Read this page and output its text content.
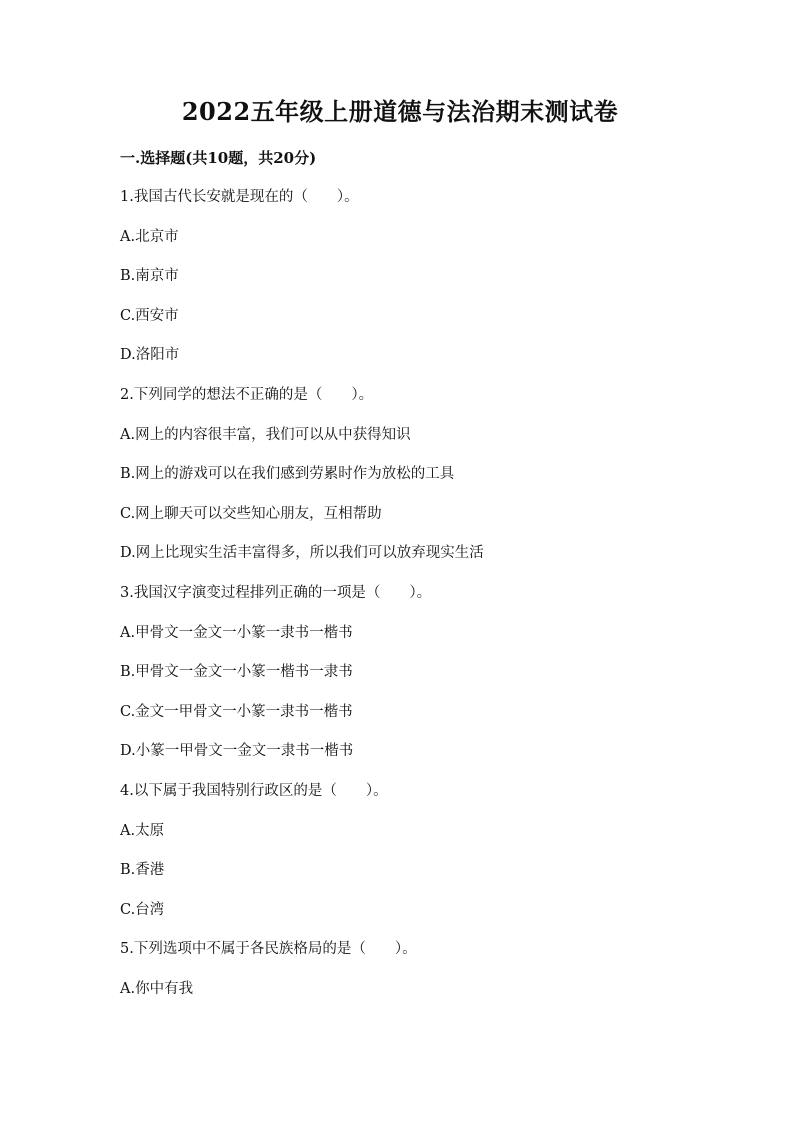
2022五年级上册道德与法治期末测试卷
一.选择题(共10题，共20分)
1.我国古代长安就是现在的（　　）。
A.北京市
B.南京市
C.西安市
D.洛阳市
2.下列同学的想法不正确的是（　　）。
A.网上的内容很丰富，我们可以从中获得知识
B.网上的游戏可以在我们感到劳累时作为放松的工具
C.网上聊天可以交些知心朋友，互相帮助
D.网上比现实生活丰富得多，所以我们可以放弃现实生活
3.我国汉字演变过程排列正确的一项是（　　）。
A.甲骨文一金文一小篆一隶书一楷书
B.甲骨文一金文一小篆一楷书一隶书
C.金文一甲骨文一小篆一隶书一楷书
D.小篆一甲骨文一金文一隶书一楷书
4.以下属于我国特别行政区的是（　　）。
A.太原
B.香港
C.台湾
5.下列选项中不属于各民族格局的是（　　）。
A.你中有我
